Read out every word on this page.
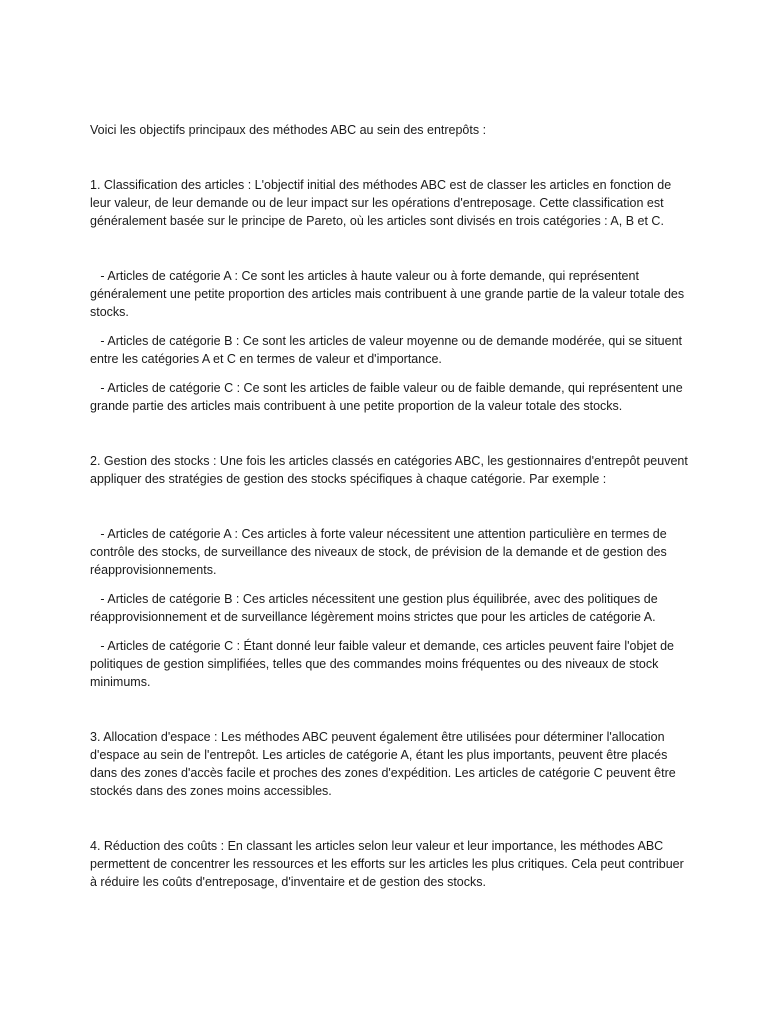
Voici les objectifs principaux des méthodes ABC au sein des entrepôts :

1. Classification des articles : L'objectif initial des méthodes ABC est de classer les articles en fonction de leur valeur, de leur demande ou de leur impact sur les opérations d'entreposage. Cette classification est généralement basée sur le principe de Pareto, où les articles sont divisés en trois catégories : A, B et C.

- Articles de catégorie A : Ce sont les articles à haute valeur ou à forte demande, qui représentent généralement une petite proportion des articles mais contribuent à une grande partie de la valeur totale des stocks.

- Articles de catégorie B : Ce sont les articles de valeur moyenne ou de demande modérée, qui se situent entre les catégories A et C en termes de valeur et d'importance.

- Articles de catégorie C : Ce sont les articles de faible valeur ou de faible demande, qui représentent une grande partie des articles mais contribuent à une petite proportion de la valeur totale des stocks.

2. Gestion des stocks : Une fois les articles classés en catégories ABC, les gestionnaires d'entrepôt peuvent appliquer des stratégies de gestion des stocks spécifiques à chaque catégorie. Par exemple :

- Articles de catégorie A : Ces articles à forte valeur nécessitent une attention particulière en termes de contrôle des stocks, de surveillance des niveaux de stock, de prévision de la demande et de gestion des réapprovisionnements.

- Articles de catégorie B : Ces articles nécessitent une gestion plus équilibrée, avec des politiques de réapprovisionnement et de surveillance légèrement moins strictes que pour les articles de catégorie A.

- Articles de catégorie C : Étant donné leur faible valeur et demande, ces articles peuvent faire l'objet de politiques de gestion simplifiées, telles que des commandes moins fréquentes ou des niveaux de stock minimums.

3. Allocation d'espace : Les méthodes ABC peuvent également être utilisées pour déterminer l'allocation d'espace au sein de l'entrepôt. Les articles de catégorie A, étant les plus importants, peuvent être placés dans des zones d'accès facile et proches des zones d'expédition. Les articles de catégorie C peuvent être stockés dans des zones moins accessibles.

4. Réduction des coûts : En classant les articles selon leur valeur et leur importance, les méthodes ABC permettent de concentrer les ressources et les efforts sur les articles les plus critiques. Cela peut contribuer à réduire les coûts d'entreposage, d'inventaire et de gestion des stocks.
